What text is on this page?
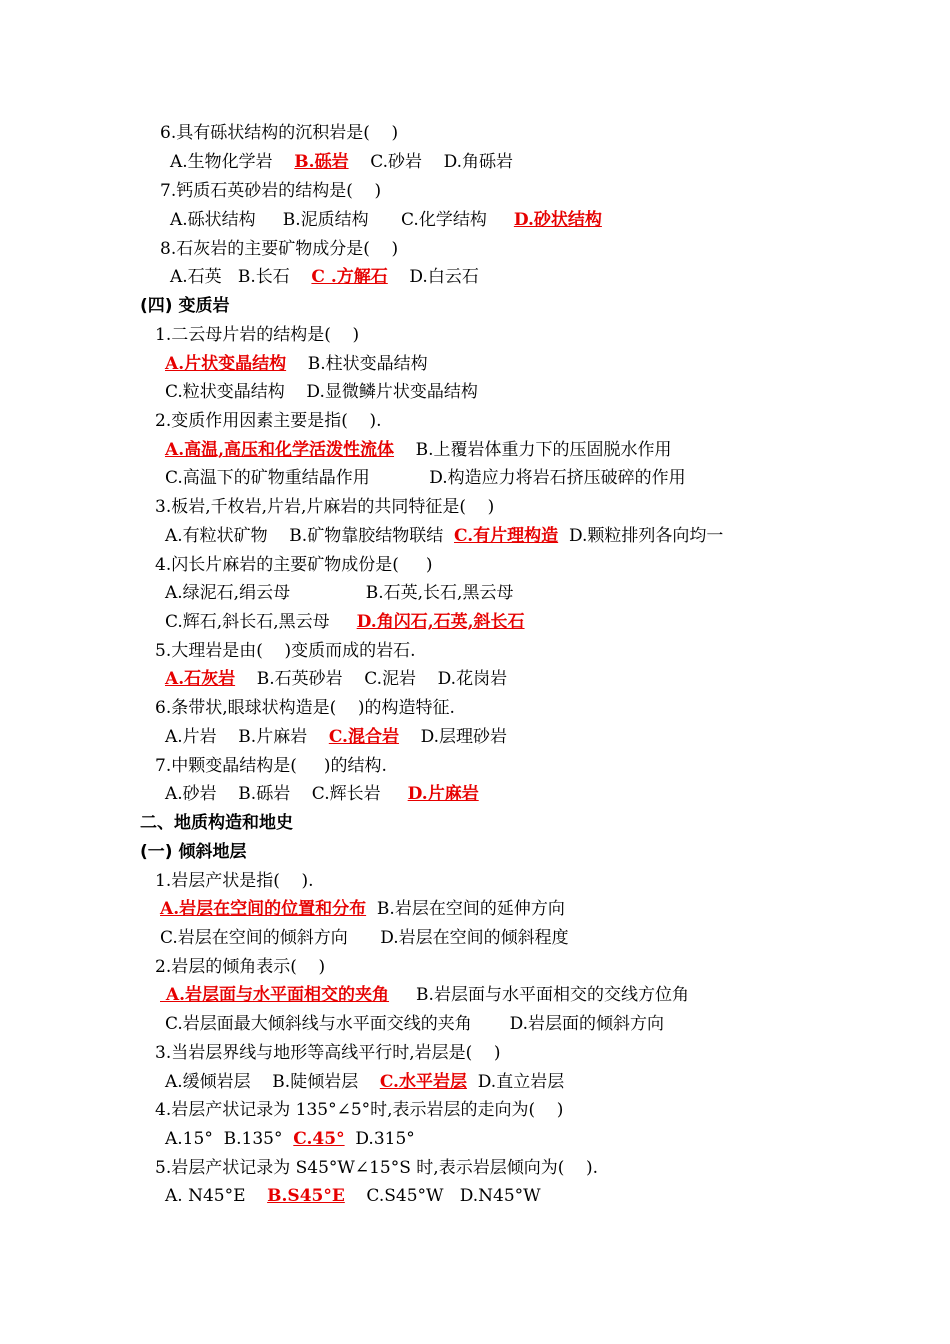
6.具有砾状结构的沉积岩是(    )
A.生物化学岩    B.砾岩    C.砂岩    D.角砾岩
7.钙质石英砂岩的结构是(    )
A.砾状结构     B.泥质结构      C.化学结构     D.砂状结构
8.石灰岩的主要矿物成分是(    )
A.石英   B.长石    C .方解石    D.白云石
(四) 变质岩
1.二云母片岩的结构是(    )
A.片状变晶结构    B.柱状变晶结构
C.粒状变晶结构    D.显微鳞片状变晶结构
2.变质作用因素主要是指(    ).
A.高温,高压和化学活泼性流体    B.上覆岩体重力下的压固脱水作用
C.高温下的矿物重结晶作用           D.构造应力将岩石挤压破碎的作用
3.板岩,千枚岩,片岩,片麻岩的共同特征是(    )
A.有粒状矿物    B.矿物靠胶结物联结  C.有片理构造  D.颗粒排列各向均一
4.闪长片麻岩的主要矿物成份是(     )
A.绿泥石,绢云母              B.石英,长石,黑云母
C.辉石,斜长石,黑云母     D.角闪石,石英,斜长石
5.大理岩是由(    )变质而成的岩石.
A.石灰岩    B.石英砂岩    C.泥岩    D.花岗岩
6.条带状,眼球状构造是(    )的构造特征.
A.片岩    B.片麻岩    C.混合岩    D.层理砂岩
7.中颗变晶结构是(     )的结构.
A.砂岩    B.砾岩    C.辉长岩     D.片麻岩
二、地质构造和地史
(一) 倾斜地层
1.岩层产状是指(    ).
A.岩层在空间的位置和分布  B.岩层在空间的延伸方向
C.岩层在空间的倾斜方向      D.岩层在空间的倾斜程度
2.岩层的倾角表示(    )
A.岩层面与水平面相交的夹角     B.岩层面与水平面相交的交线方位角
C.岩层面最大倾斜线与水平面交线的夹角       D.岩层面的倾斜方向
3.当岩层界线与地形等高线平行时,岩层是(    )
A.缓倾岩层    B.陡倾岩层    C.水平岩层  D.直立岩层
4.岩层产状记录为 135°∠5°时,表示岩层的走向为(    )
A.15°  B.135°  C.45°  D.315°
5.岩层产状记录为 S45°W∠15°S 时,表示岩层倾向为(    ).
A. N45°E    B.S45°E    C.S45°W   D.N45°W
